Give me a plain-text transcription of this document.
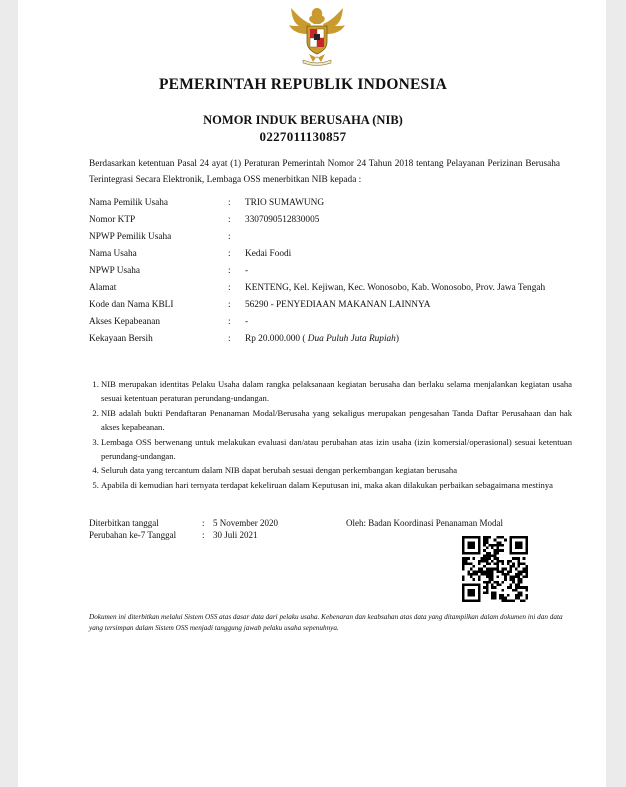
PEMERINTAH REPUBLIK INDONESIA
NOMOR INDUK BERUSAHA (NIB)
0227011130857
Berdasarkan ketentuan Pasal 24 ayat (1) Peraturan Pemerintah Nomor 24 Tahun 2018 tentang Pelayanan Perizinan Berusaha Terintegrasi Secara Elektronik, Lembaga OSS menerbitkan NIB kepada :
Nama Pemilik Usaha	:	TRIO SUMAWUNG
Nomor KTP	:	3307090512830005
NPWP Pemilik Usaha	:
Nama Usaha	:	Kedai Foodi
NPWP Usaha	:	-
Alamat	:	KENTENG, Kel. Kejiwan, Kec. Wonosobo, Kab. Wonosobo, Prov. Jawa Tengah
Kode dan Nama KBLI	:	56290 - PENYEDIAAN MAKANAN LAINNYA
Akses Kepabeanan	:	-
Kekayaan Bersih	:	Rp 20.000.000 ( Dua Puluh Juta Rupiah)
1. NIB merupakan identitas Pelaku Usaha dalam rangka pelaksanaan kegiatan berusaha dan berlaku selama menjalankan kegiatan usaha sesuai ketentuan peraturan perundang-undangan.
2. NIB adalah bukti Pendaftaran Penanaman Modal/Berusaha yang sekaligus merupakan pengesahan Tanda Daftar Perusahaan dan hak akses kepabeanan.
3. Lembaga OSS berwenang untuk melakukan evaluasi dan/atau perubahan atas izin usaha (izin komersial/operasional) sesuai ketentuan perundang-undangan.
4. Seluruh data yang tercantum dalam NIB dapat berubah sesuai dengan perkembangan kegiatan berusaha
5. Apabila di kemudian hari ternyata terdapat kekeliruan dalam Keputusan ini, maka akan dilakukan perbaikan sebagaimana mestinya
Diterbitkan tanggal	: 5 November 2020
Perubahan ke-7 Tanggal	: 30 Juli 2021
Oleh: Badan Koordinasi Penanaman Modal
Dokumen ini diterbitkan melalui Sistem OSS atas dasar data dari pelaku usaha. Kebenaran dan keabsahan atas data yang ditampilkan dalam dokumen ini dan data yang tersimpan dalam Sistem OSS menjadi tanggung jawab pelaku usaha sepenuhnya.
